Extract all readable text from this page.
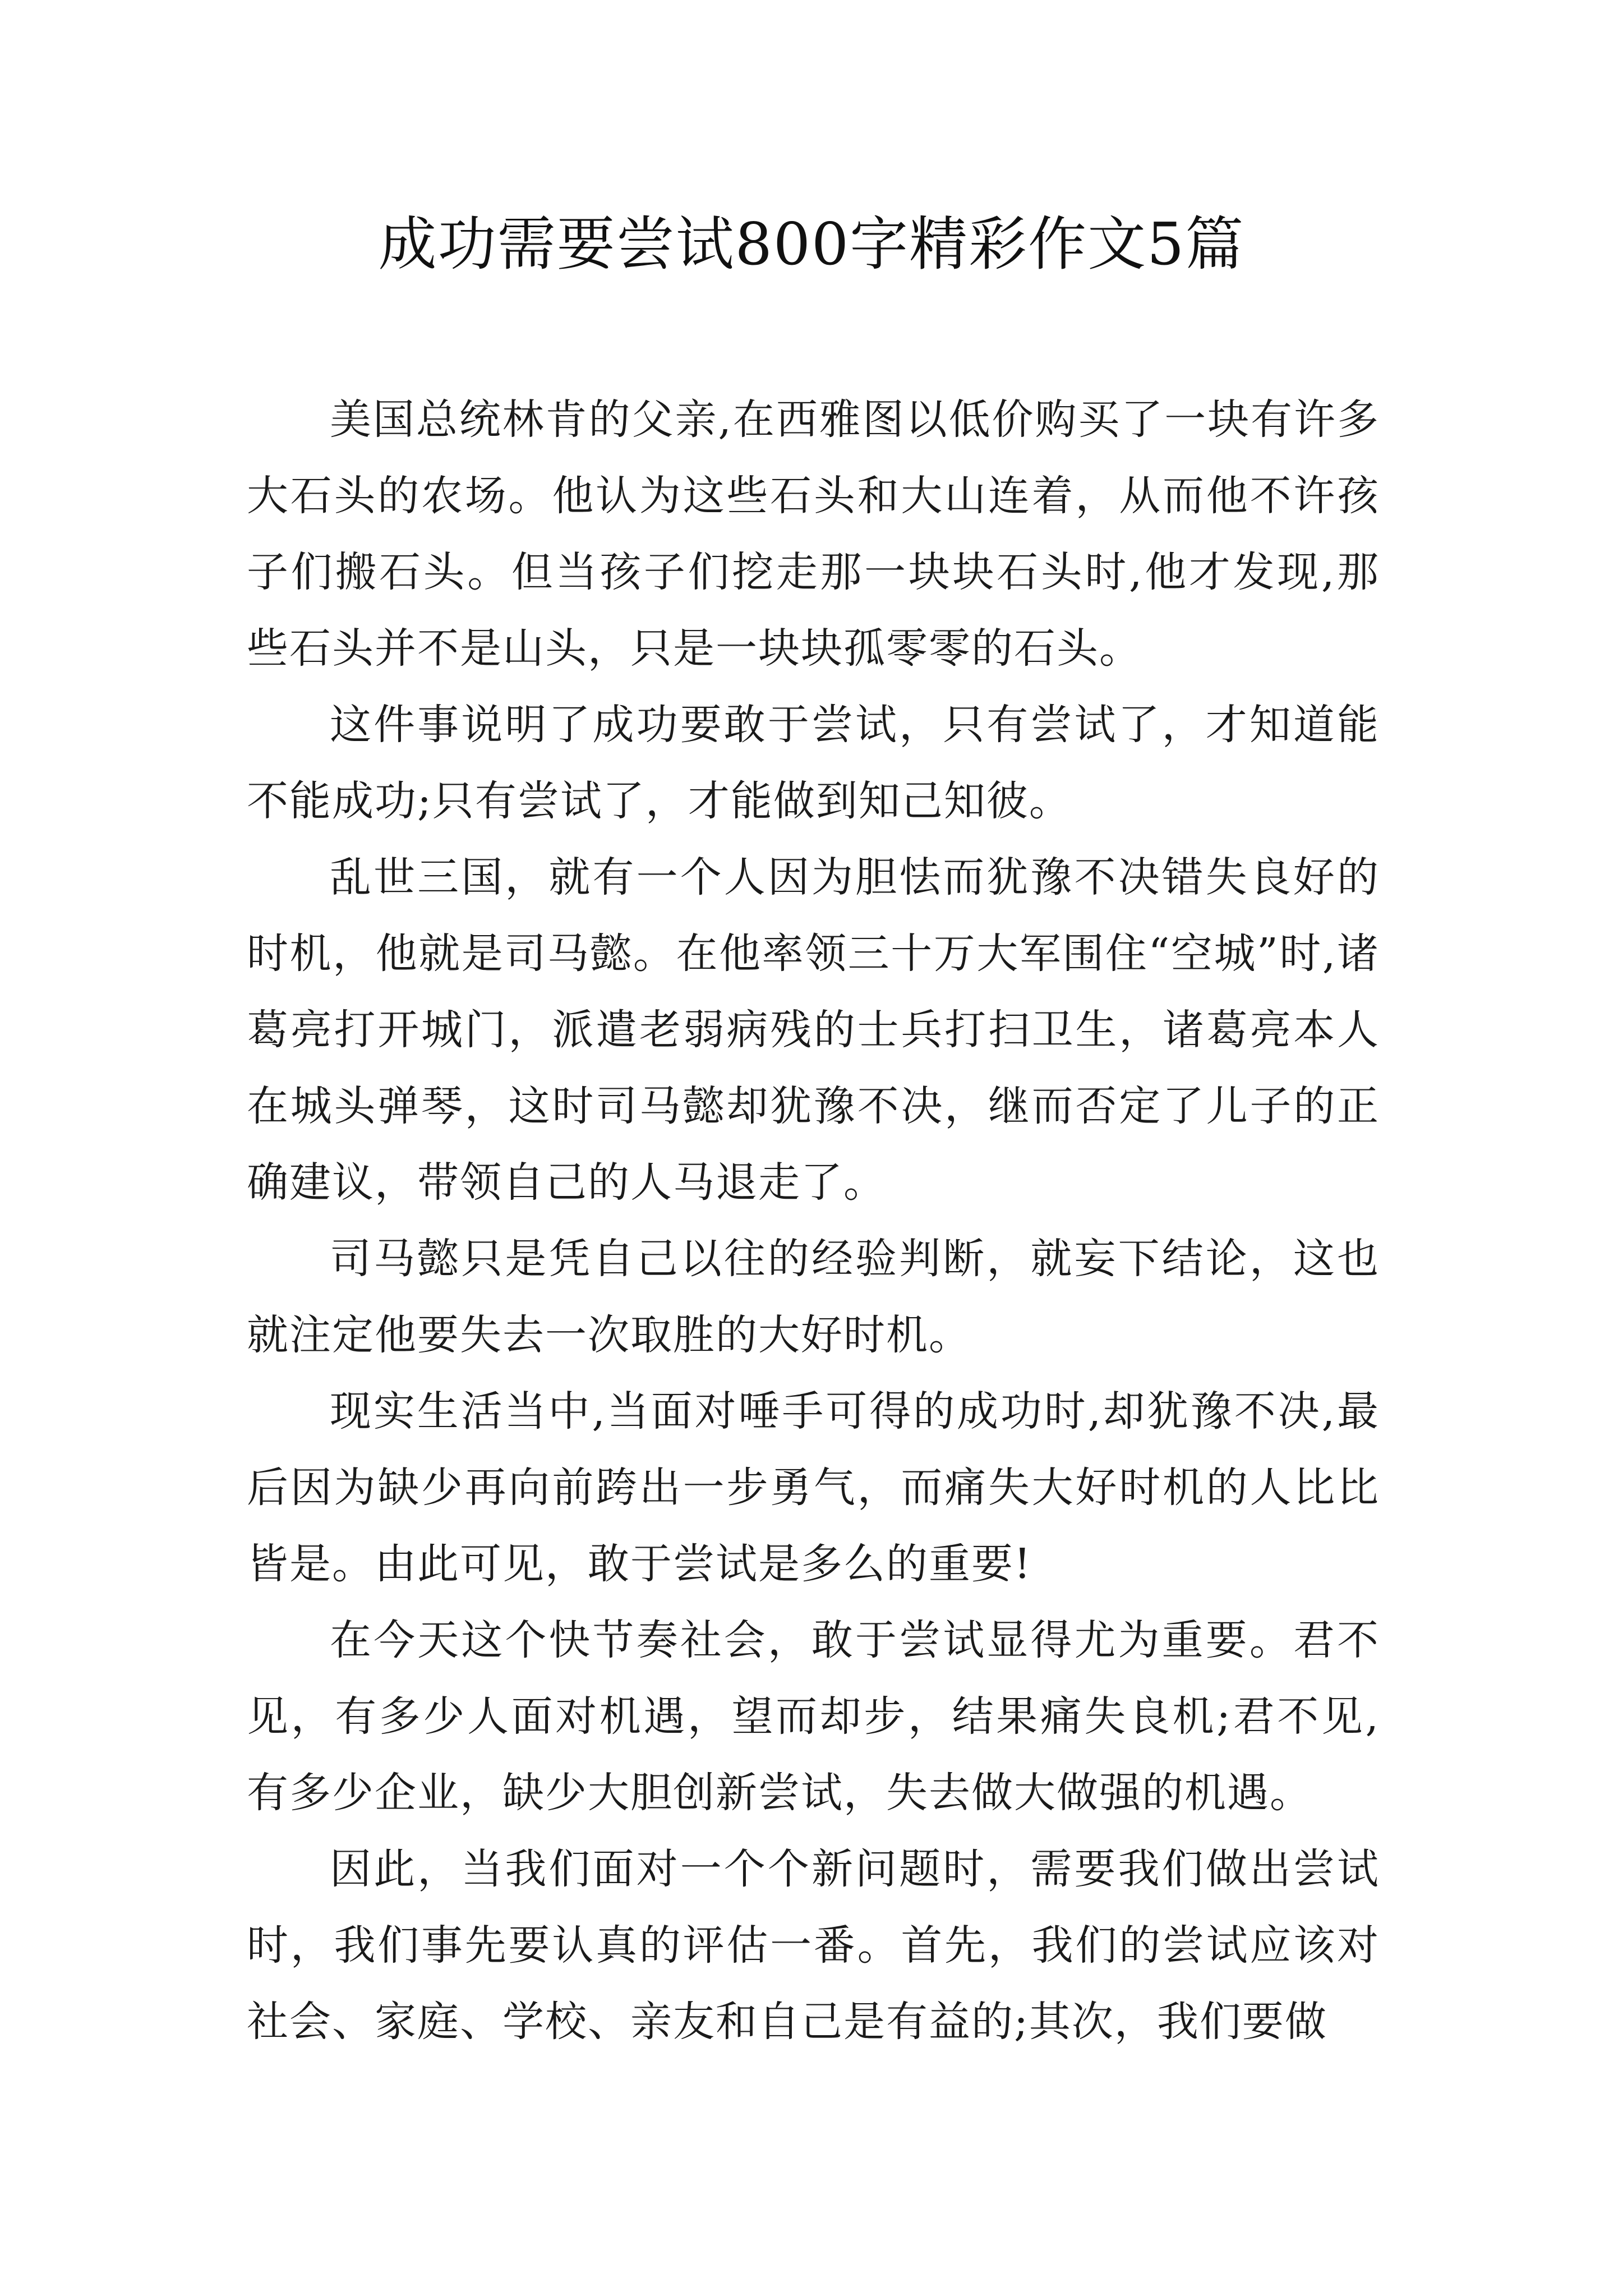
成功需要尝试800字精彩作文5篇

美国总统林肯的父亲,在西雅图以低价购买了一块有许多大石头的农场。他认为这些石头和大山连着，从而他不许孩子们搬石头。但当孩子们挖走那一块块石头时,他才发现,那些石头并不是山头，只是一块块孤零零的石头。

这件事说明了成功要敢于尝试，只有尝试了，才知道能不能成功;只有尝试了，才能做到知己知彼。

乱世三国，就有一个人因为胆怯而犹豫不决错失良好的时机，他就是司马懿。在他率领三十万大军围住“空城”时,诸葛亮打开城门，派遣老弱病残的士兵打扫卫生，诸葛亮本人在城头弹琴，这时司马懿却犹豫不决，继而否定了儿子的正确建议，带领自己的人马退走了。

司马懿只是凭自己以往的经验判断，就妄下结论，这也就注定他要失去一次取胜的大好时机。

现实生活当中,当面对唾手可得的成功时,却犹豫不决,最后因为缺少再向前跨出一步勇气，而痛失大好时机的人比比皆是。由此可见，敢于尝试是多么的重要!

在今天这个快节奏社会，敢于尝试显得尤为重要。君不见，有多少人面对机遇，望而却步，结果痛失良机;君不见,有多少企业，缺少大胆创新尝试，失去做大做强的机遇。

因此，当我们面对一个个新问题时，需要我们做出尝试时，我们事先要认真的评估一番。首先，我们的尝试应该对社会、家庭、学校、亲友和自己是有益的;其次，我们要做
